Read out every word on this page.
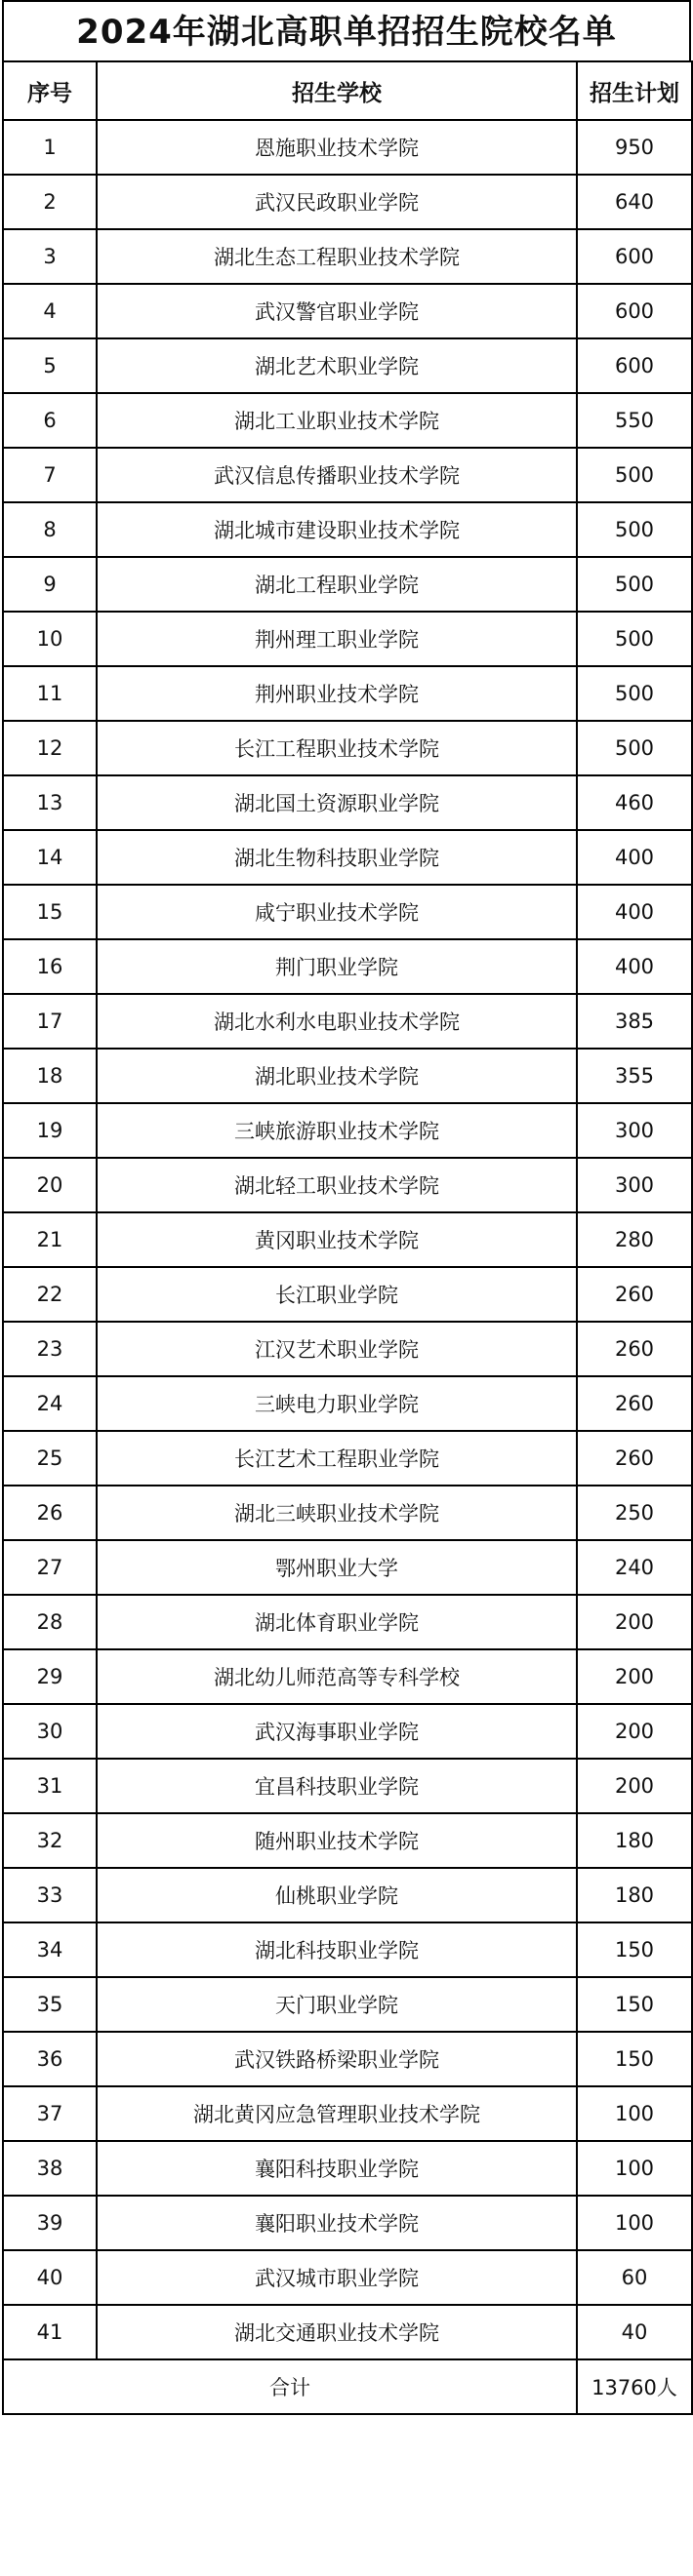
2024年湖北高职单招招生院校名单
序号	招生学校	招生计划
1	恩施职业技术学院	950
2	武汉民政职业学院	640
3	湖北生态工程职业技术学院	600
4	武汉警官职业学院	600
5	湖北艺术职业学院	600
6	湖北工业职业技术学院	550
7	武汉信息传播职业技术学院	500
8	湖北城市建设职业技术学院	500
9	湖北工程职业学院	500
10	荆州理工职业学院	500
11	荆州职业技术学院	500
12	长江工程职业技术学院	500
13	湖北国土资源职业学院	460
14	湖北生物科技职业学院	400
15	咸宁职业技术学院	400
16	荆门职业学院	400
17	湖北水利水电职业技术学院	385
18	湖北职业技术学院	355
19	三峡旅游职业技术学院	300
20	湖北轻工职业技术学院	300
21	黄冈职业技术学院	280
22	长江职业学院	260
23	江汉艺术职业学院	260
24	三峡电力职业学院	260
25	长江艺术工程职业学院	260
26	湖北三峡职业技术学院	250
27	鄂州职业大学	240
28	湖北体育职业学院	200
29	湖北幼儿师范高等专科学校	200
30	武汉海事职业学院	200
31	宜昌科技职业学院	200
32	随州职业技术学院	180
33	仙桃职业学院	180
34	湖北科技职业学院	150
35	天门职业学院	150
36	武汉铁路桥梁职业学院	150
37	湖北黄冈应急管理职业技术学院	100
38	襄阳科技职业学院	100
39	襄阳职业技术学院	100
40	武汉城市职业学院	60
41	湖北交通职业技术学院	40
合计		13760人
